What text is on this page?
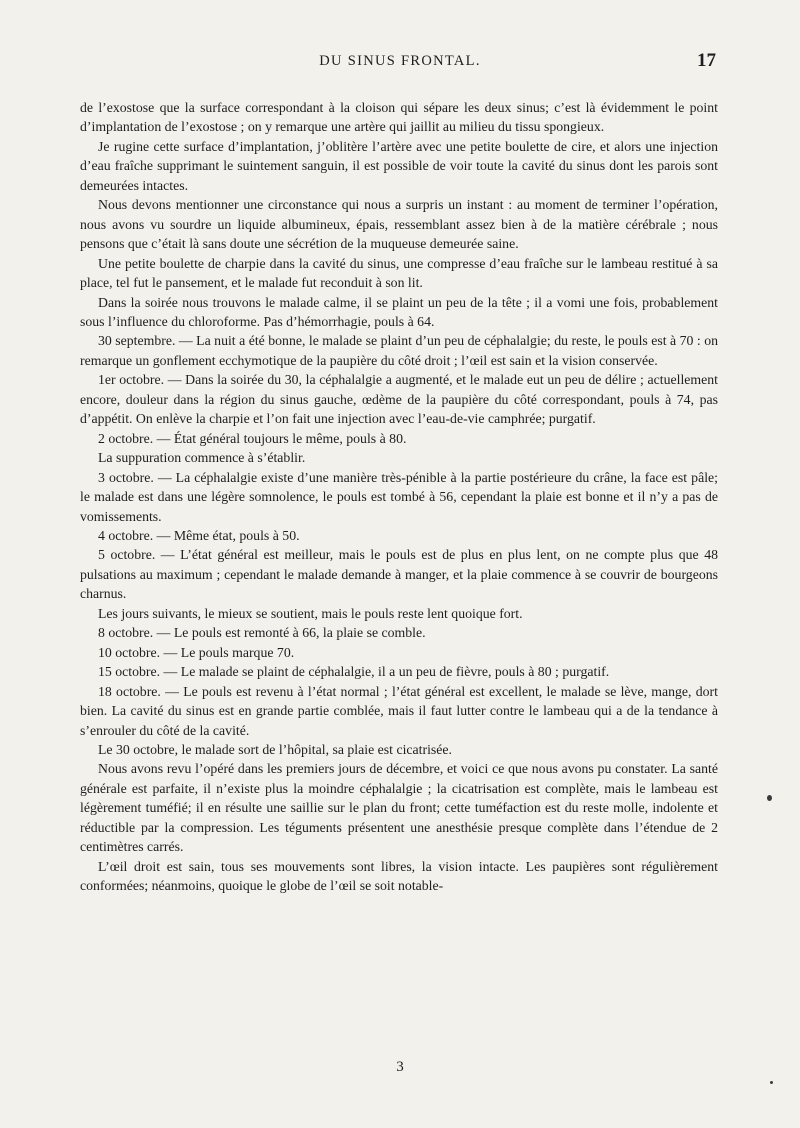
DU SINUS FRONTAL.	17

de l’exostose que la surface correspondant à la cloison qui sépare les deux sinus; c’est là évidemment le point d’implantation de l’exostose ; on y remarque une artère qui jaillit au milieu du tissu spongieux.

Je rugine cette surface d’implantation, j’oblitère l’artère avec une petite boulette de cire, et alors une injection d’eau fraîche supprimant le suintement sanguin, il est possible de voir toute la cavité du sinus dont les parois sont demeurées intactes.

Nous devons mentionner une circonstance qui nous a surpris un instant : au moment de terminer l’opération, nous avons vu sourdre un liquide albumineux, épais, ressemblant assez bien à de la matière cérébrale ; nous pensons que c’était là sans doute une sécrétion de la muqueuse demeurée saine.

Une petite boulette de charpie dans la cavité du sinus, une compresse d’eau fraîche sur le lambeau restitué à sa place, tel fut le pansement, et le malade fut reconduit à son lit.

Dans la soirée nous trouvons le malade calme, il se plaint un peu de la tête ; il a vomi une fois, probablement sous l’influence du chloroforme. Pas d’hémorrhagie, pouls à 64.

30 septembre. — La nuit a été bonne, le malade se plaint d’un peu de céphalalgie; du reste, le pouls est à 70 : on remarque un gonflement ecchymotique de la paupière du côté droit ; l’œil est sain et la vision conservée.

1er octobre. — Dans la soirée du 30, la céphalalgie a augmenté, et le malade eut un peu de délire ; actuellement encore, douleur dans la région du sinus gauche, œdème de la paupière du côté correspondant, pouls à 74, pas d’appétit. On enlève la charpie et l’on fait une injection avec l’eau-de-vie camphrée; purgatif.

2 octobre. — État général toujours le même, pouls à 80.

La suppuration commence à s’établir.

3 octobre. — La céphalalgie existe d’une manière très-pénible à la partie postérieure du crâne, la face est pâle; le malade est dans une légère somnolence, le pouls est tombé à 56, cependant la plaie est bonne et il n’y a pas de vomissements.

4 octobre. — Même état, pouls à 50.

5 octobre. — L’état général est meilleur, mais le pouls est de plus en plus lent, on ne compte plus que 48 pulsations au maximum ; cependant le malade demande à manger, et la plaie commence à se couvrir de bourgeons charnus.

Les jours suivants, le mieux se soutient, mais le pouls reste lent quoique fort.

8 octobre. — Le pouls est remonté à 66, la plaie se comble.

10 octobre. — Le pouls marque 70.

15 octobre. — Le malade se plaint de céphalalgie, il a un peu de fièvre, pouls à 80 ; purgatif.

18 octobre. — Le pouls est revenu à l’état normal ; l’état général est excellent, le malade se lève, mange, dort bien. La cavité du sinus est en grande partie comblée, mais il faut lutter contre le lambeau qui a de la tendance à s’enrouler du côté de la cavité.

Le 30 octobre, le malade sort de l’hôpital, sa plaie est cicatrisée.

Nous avons revu l’opéré dans les premiers jours de décembre, et voici ce que nous avons pu constater. La santé générale est parfaite, il n’existe plus la moindre céphalalgie ; la cicatrisation est complète, mais le lambeau est légèrement tuméfié; il en résulte une saillie sur le plan du front; cette tuméfaction est du reste molle, indolente et réductible par la compression. Les téguments présentent une anesthésie presque complète dans l’étendue de 2 centimètres carrés.

L’œil droit est sain, tous ses mouvements sont libres, la vision intacte. Les paupières sont régulièrement conformées; néanmoins, quoique le globe de l’œil se soit notable-

3
